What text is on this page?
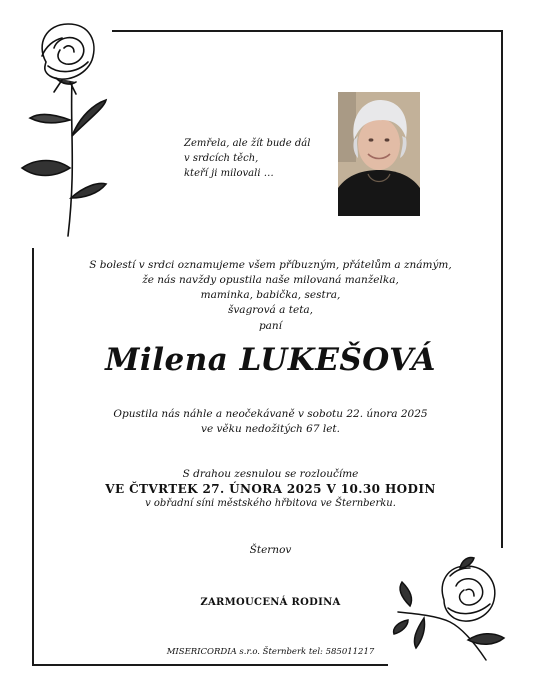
Zemřela, ale žít bude dál
v srdcích těch,
kteří ji milovali …
S bolestí v srdci oznamujeme všem příbuzným, přátelům a známým,
že nás navždy opustila naše milovaná manželka,
maminka, babička, sestra,
švagrová a teta,
paní
Milena LUKEŠOVÁ
Opustila nás náhle a neočekávaně v sobotu 22. února 2025
ve věku nedožitých 67 let.
S drahou zesnulou se rozloučíme
VE ČTVRTEK 27. ÚNORA 2025 V 10.30 HODIN
v obřadní síni městského hřbitova ve Šternberku.
Šternov
ZARMOUCENÁ RODINA
MISERICORDIA s.r.o. Šternberk tel: 585011217
